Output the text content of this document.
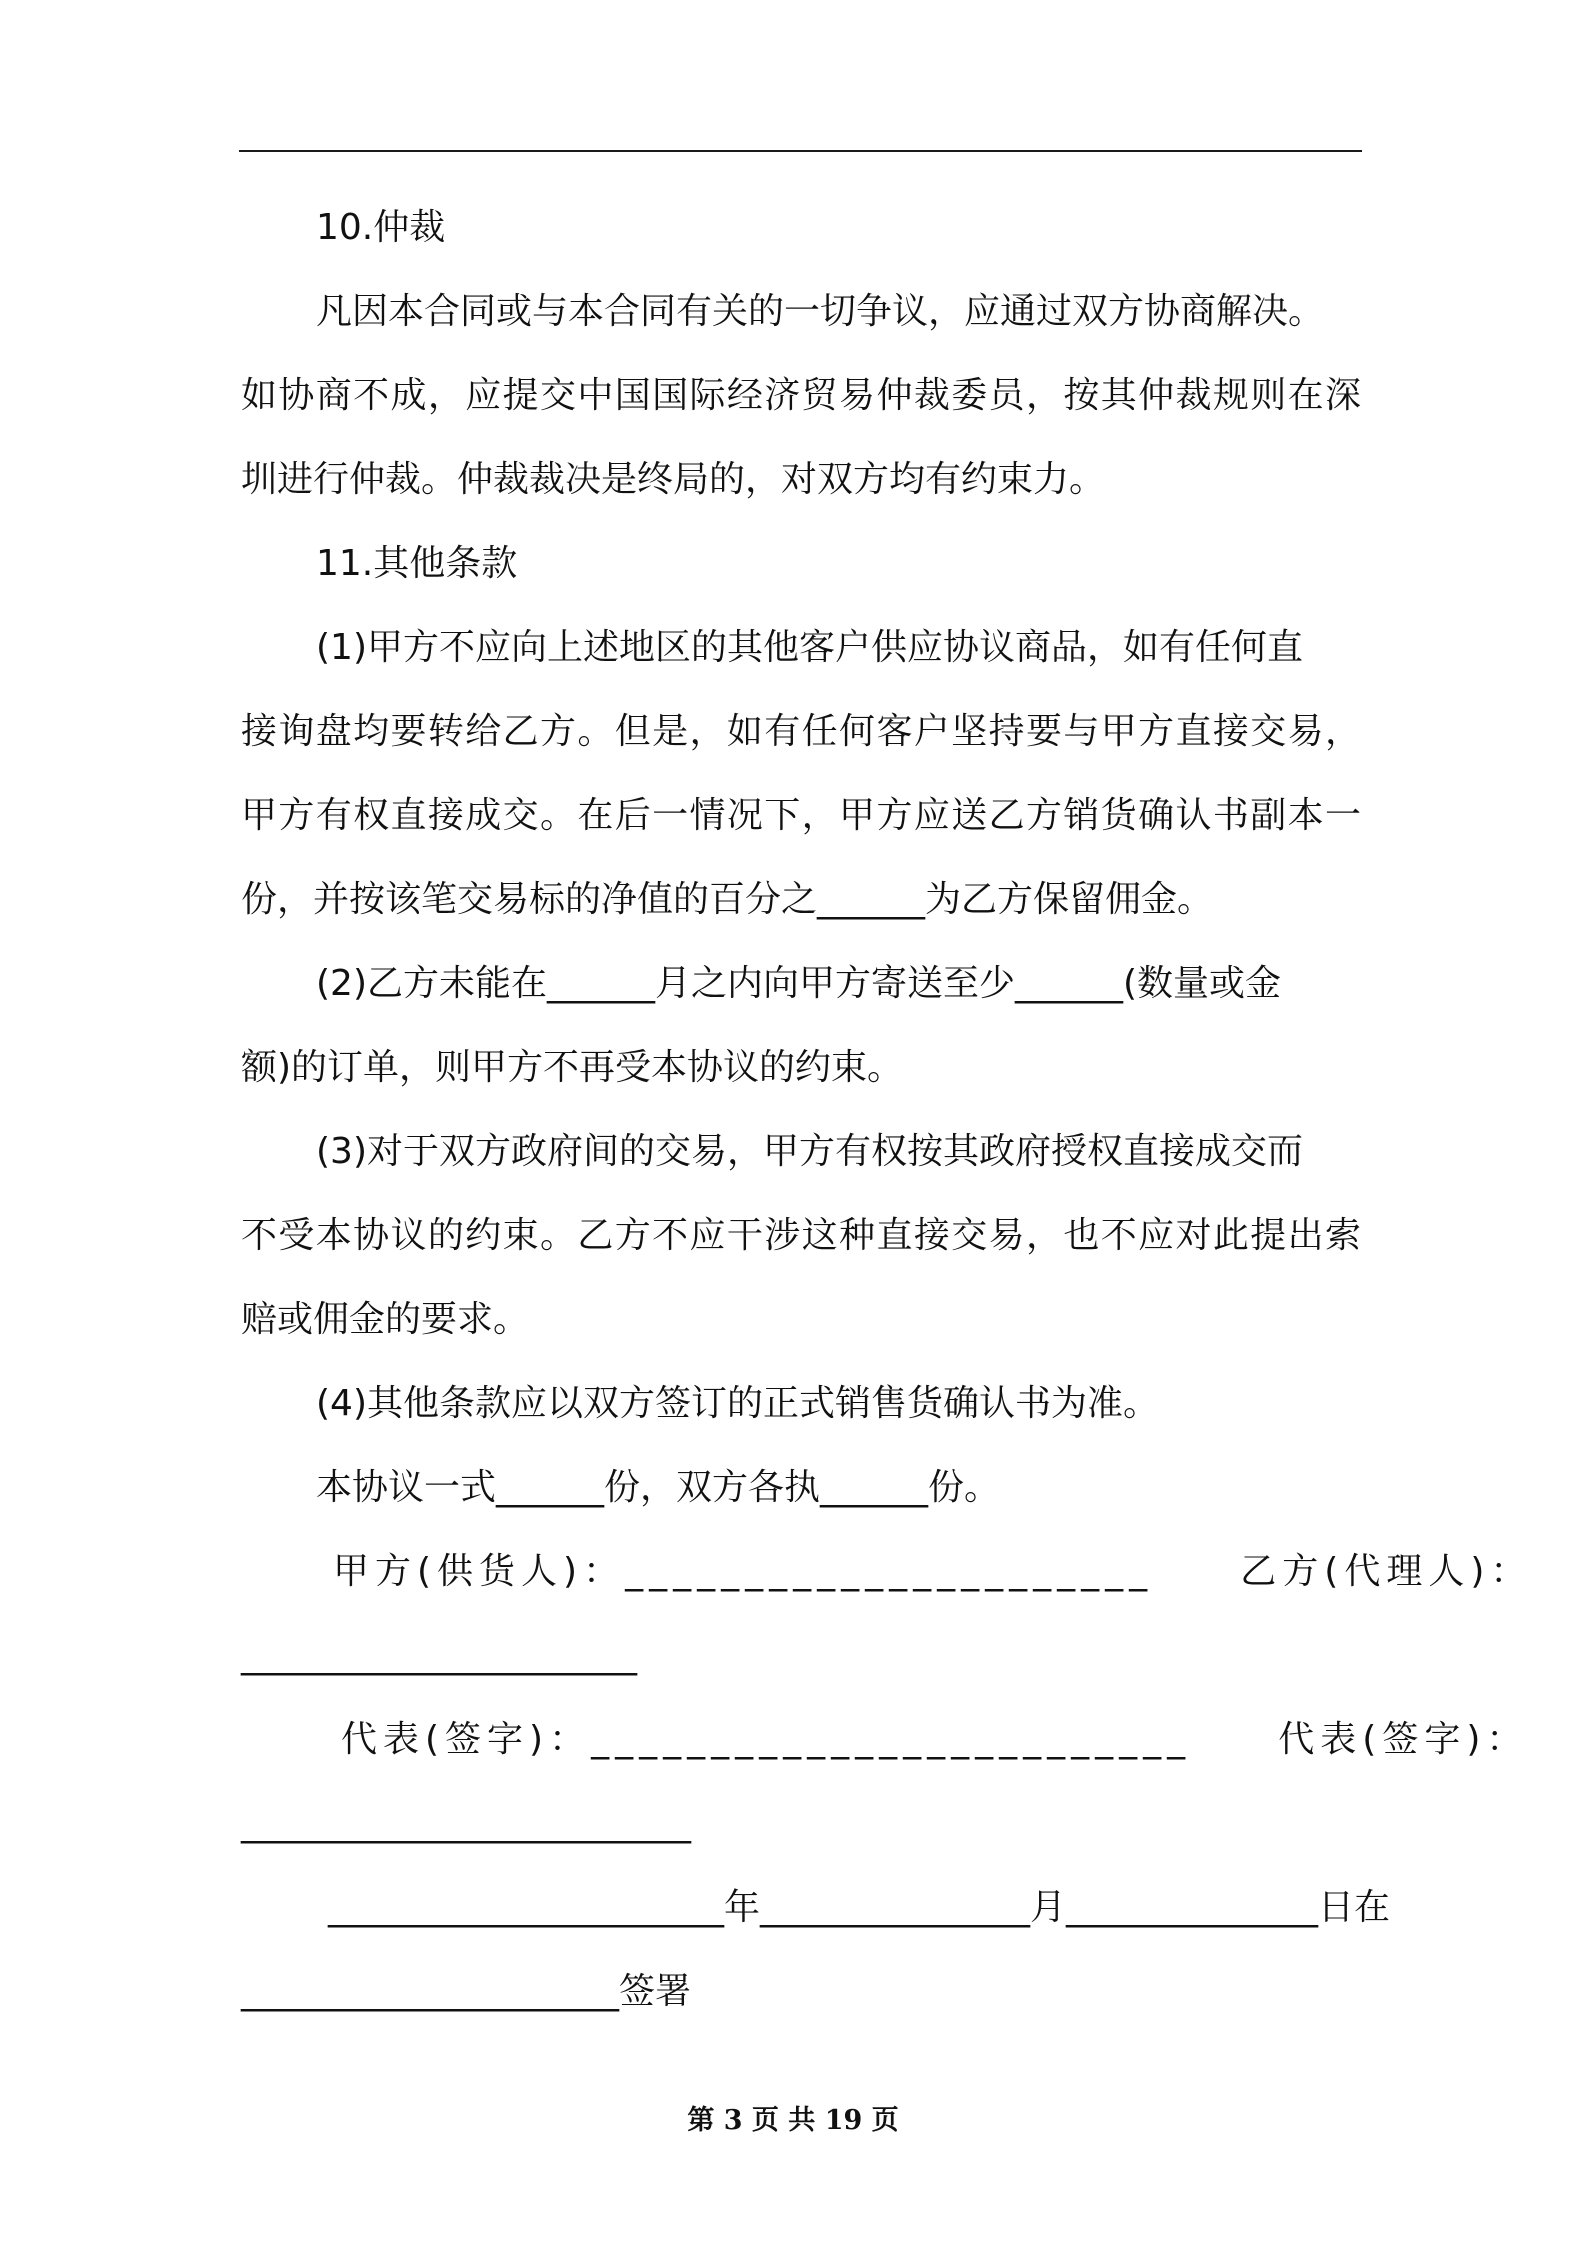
10.仲裁
凡因本合同或与本合同有关的一切争议，应通过双方协商解决。
如协商不成，应提交中国国际经济贸易仲裁委员，按其仲裁规则在深
圳进行仲裁。仲裁裁决是终局的，对双方均有约束力。
11.其他条款
(1)甲方不应向上述地区的其他客户供应协议商品，如有任何直
接询盘均要转给乙方。但是，如有任何客户坚持要与甲方直接交易，
甲方有权直接成交。在后一情况下，甲方应送乙方销货确认书副本一
份，并按该笔交易标的净值的百分之______为乙方保留佣金。
(2)乙方未能在______月之内向甲方寄送至少______(数量或金
额)的订单，则甲方不再受本协议的约束。
(3)对于双方政府间的交易，甲方有权按其政府授权直接成交而
不受本协议的约束。乙方不应干涉这种直接交易，也不应对此提出索
赔或佣金的要求。
(4)其他条款应以双方签订的正式销售货确认书为准。
本协议一式______份，双方各执______份。
甲方(供货人)：______________________     乙方(代理人)：
______________________
代表(签字)：_________________________     代表(签字)：
_________________________
______________________年_______________月______________日在
_____________________签署
第 3 页 共 19 页
